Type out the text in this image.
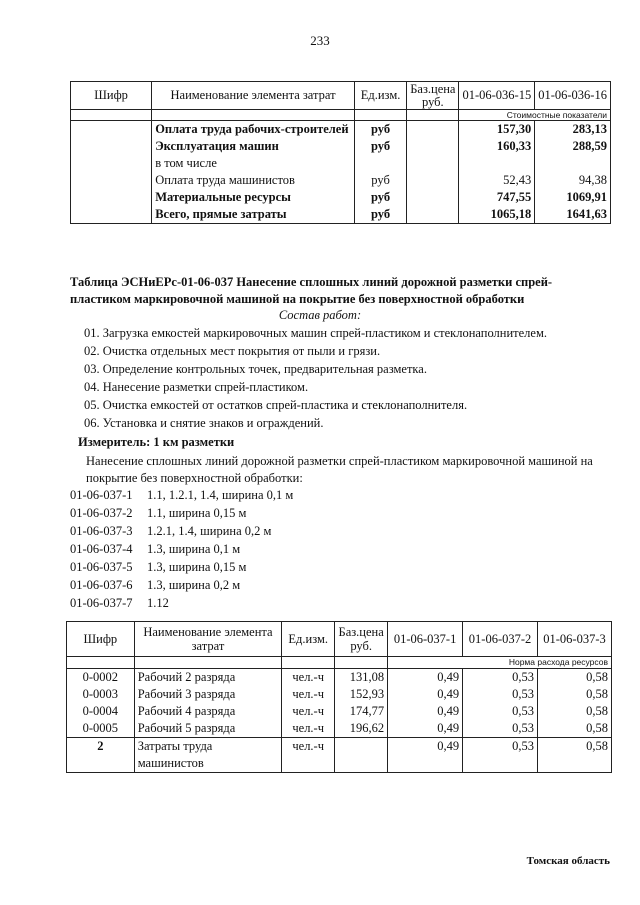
233
Шифр	Наименование элемента затрат	Ед.изм.	Баз.цена руб.	01-06-036-15	01-06-036-16
				Стоимостные показатели	
	Оплата труда рабочих-строителей	руб		157,30	283,13
	Эксплуатация машин	руб		160,33	288,59
	в том числе				
	Оплата труда машинистов	руб		52,43	94,38
	Материальные ресурсы	руб		747,55	1069,91
	Всего, прямые затраты	руб		1065,18	1641,63
Таблица ЭСНиЕРс-01-06-037 Нанесение сплошных линий дорожной разметки спрей-пластиком маркировочной машиной на покрытие без поверхностной обработки
Состав работ:
01. Загрузка емкостей маркировочных машин спрей-пластиком и стеклонаполнителем.
02. Очистка отдельных мест покрытия от пыли и грязи.
03. Определение контрольных точек, предварительная разметка.
04. Нанесение разметки спрей-пластиком.
05. Очистка емкостей от остатков спрей-пластика и стеклонаполнителя.
06. Установка и снятие знаков и ограждений.
Измеритель: 1 км разметки
Нанесение сплошных линий дорожной разметки спрей-пластиком маркировочной машиной на покрытие без поверхностной обработки:
01-06-037-1 1.1, 1.2.1, 1.4, ширина 0,1 м
01-06-037-2 1.1, ширина 0,15 м
01-06-037-3 1.2.1, 1.4, ширина 0,2 м
01-06-037-4 1.3, ширина 0,1 м
01-06-037-5 1.3, ширина 0,15 м
01-06-037-6 1.3, ширина 0,2 м
01-06-037-7 1.12
Шифр	Наименование элемента затрат	Ед.изм.	Баз.цена руб.	01-06-037-1	01-06-037-2	01-06-037-3
				Норма расхода ресурсов		
0-0002	Рабочий 2 разряда	чел.-ч	131,08	0,49	0,53	0,58
0-0003	Рабочий 3 разряда	чел.-ч	152,93	0,49	0,53	0,58
0-0004	Рабочий 4 разряда	чел.-ч	174,77	0,49	0,53	0,58
0-0005	Рабочий 5 разряда	чел.-ч	196,62	0,49	0,53	0,58
2	Затраты труда машинистов	чел.-ч		0,49	0,53	0,58
Томская область
